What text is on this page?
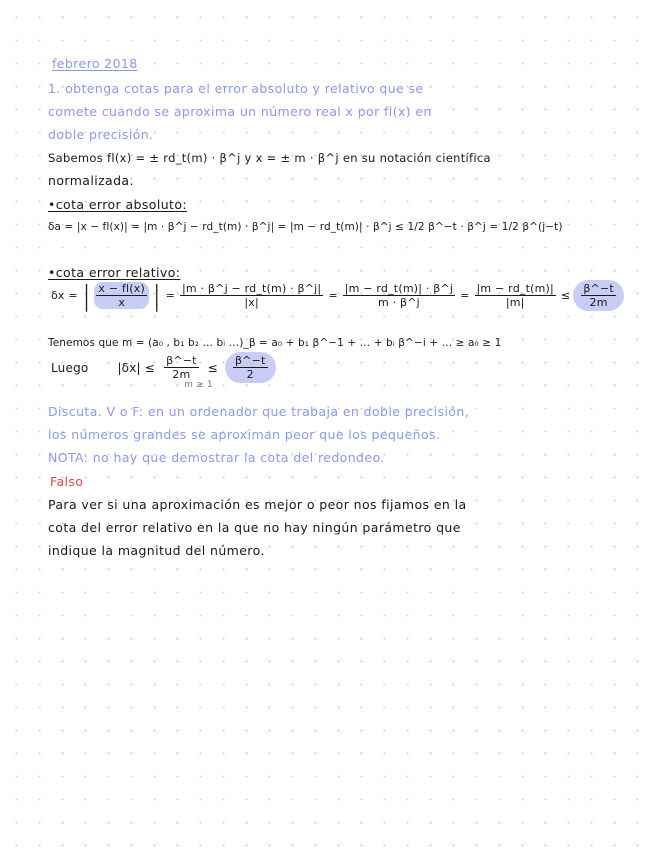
febrero 2018
1. obtenga cotas para el error absoluto y relativo que se
comete cuando se aproxima un número real x por fl(x) en
doble precisión.
Sabemos fl(x) = ± rd_t(m) · β^j y x = ± m · β^j en su notación científica
normalizada.
•cota error absoluto:
δa = |x − fl(x)| = |m · β^j − rd_t(m) · β^j| = |m − rd_t(m)| · β^j ≤ 1/2 β^−t · β^j = 1/2 β^(j−t)
•cota error relativo:
δx = | $\frac{x - fl(x)}{x}$ | = $\frac{|m \cdot \beta\^{}j - rd\_t(m) \cdot \beta\^{}j|}{|x|} = \frac{|m - rd\_t(m)| \cdot \beta\^{}j}{m \cdot \beta\^{}j} = \frac{|m - rd\_t(m)|}{|m|} \le \frac{\beta\^{}-t}{2m}$
Tenemos que m = (a₀ , b₁ b₂ … bᵢ …)_β = a₀ + b₁ β^−1 + … + bᵢ β^−i + … ≥ a₀ ≥ 1
Luego $|\delta x| \le \frac{\beta\^{}-t}{2m}$
m ≥ 1
≤ $\frac{\beta\^{}-t}{2}$
Discuta. V o F: en un ordenador que trabaja en doble precisión,
los números grandes se aproximan peor que los pequeños.
NOTA: no hay que demostrar la cota del redondeo.
Falso
Para ver si una aproximación es mejor o peor nos fijamos en la
cota del error relativo en la que no hay ningún parámetro que
indique la magnitud del número.
